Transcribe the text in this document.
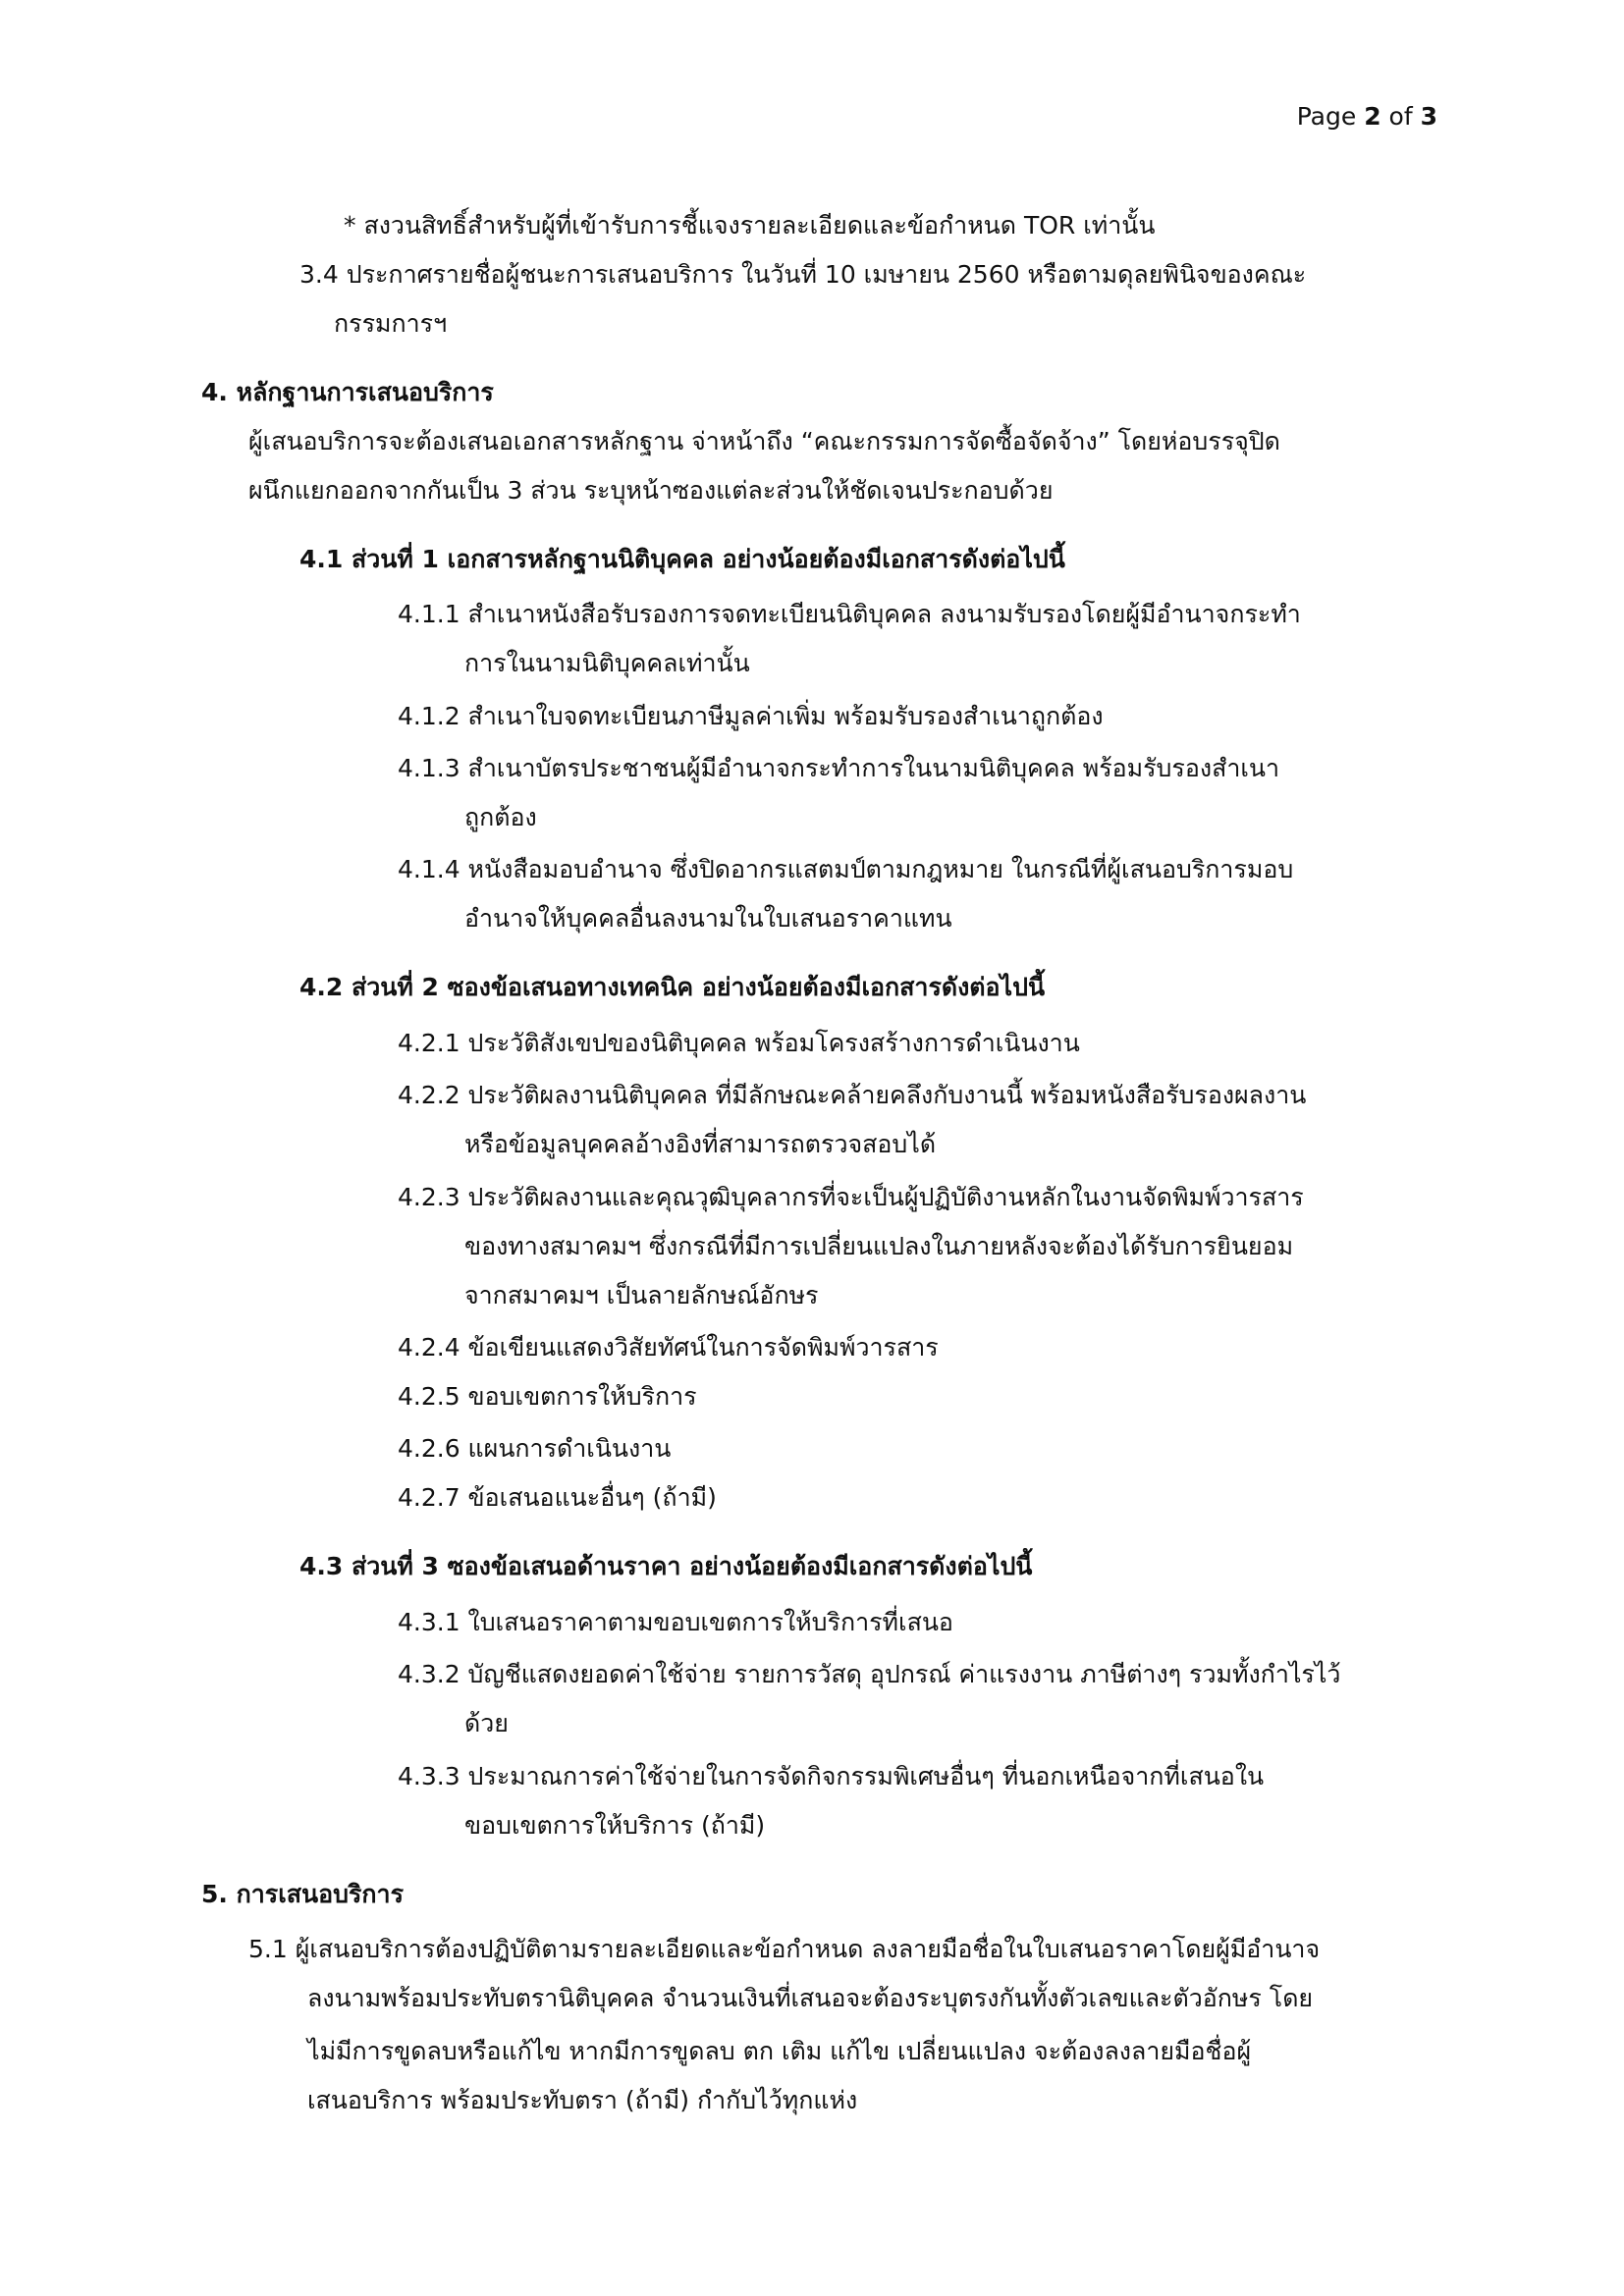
Page 2 of 3
* สงวนสิทธิ์สำหรับผู้ที่เข้ารับการชี้แจงรายละเอียดและข้อกำหนด TOR เท่านั้น
3.4 ประกาศรายชื่อผู้ชนะการเสนอบริการ ในวันที่ 10 เมษายน 2560 หรือตามดุลยพินิจของคณะ
กรรมการฯ
4. หลักฐานการเสนอบริการ
ผู้เสนอบริการจะต้องเสนอเอกสารหลักฐาน จ่าหน้าถึง “คณะกรรมการจัดซื้อจัดจ้าง” โดยห่อบรรจุปิด
ผนึกแยกออกจากกันเป็น 3 ส่วน ระบุหน้าซองแต่ละส่วนให้ชัดเจนประกอบด้วย
4.1 ส่วนที่ 1 เอกสารหลักฐานนิติบุคคล อย่างน้อยต้องมีเอกสารดังต่อไปนี้
4.1.1 สำเนาหนังสือรับรองการจดทะเบียนนิติบุคคล ลงนามรับรองโดยผู้มีอำนาจกระทำ
การในนามนิติบุคคลเท่านั้น
4.1.2 สำเนาใบจดทะเบียนภาษีมูลค่าเพิ่ม พร้อมรับรองสำเนาถูกต้อง
4.1.3 สำเนาบัตรประชาชนผู้มีอำนาจกระทำการในนามนิติบุคคล พร้อมรับรองสำเนา
ถูกต้อง
4.1.4 หนังสือมอบอำนาจ ซึ่งปิดอากรแสตมป์ตามกฎหมาย ในกรณีที่ผู้เสนอบริการมอบ
อำนาจให้บุคคลอื่นลงนามในใบเสนอราคาแทน
4.2 ส่วนที่ 2 ซองข้อเสนอทางเทคนิค อย่างน้อยต้องมีเอกสารดังต่อไปนี้
4.2.1 ประวัติสังเขปของนิติบุคคล พร้อมโครงสร้างการดำเนินงาน
4.2.2 ประวัติผลงานนิติบุคคล ที่มีลักษณะคล้ายคลึงกับงานนี้ พร้อมหนังสือรับรองผลงาน
หรือข้อมูลบุคคลอ้างอิงที่สามารถตรวจสอบได้
4.2.3 ประวัติผลงานและคุณวุฒิบุคลากรที่จะเป็นผู้ปฏิบัติงานหลักในงานจัดพิมพ์วารสาร
ของทางสมาคมฯ ซึ่งกรณีที่มีการเปลี่ยนแปลงในภายหลังจะต้องได้รับการยินยอม
จากสมาคมฯ เป็นลายลักษณ์อักษร
4.2.4 ข้อเขียนแสดงวิสัยทัศน์ในการจัดพิมพ์วารสาร
4.2.5 ขอบเขตการให้บริการ
4.2.6 แผนการดำเนินงาน
4.2.7 ข้อเสนอแนะอื่นๆ (ถ้ามี)
4.3 ส่วนที่ 3 ซองข้อเสนอด้านราคา อย่างน้อยต้องมีเอกสารดังต่อไปนี้
4.3.1 ใบเสนอราคาตามขอบเขตการให้บริการที่เสนอ
4.3.2 บัญชีแสดงยอดค่าใช้จ่าย รายการวัสดุ อุปกรณ์ ค่าแรงงาน ภาษีต่างๆ รวมทั้งกำไรไว้
ด้วย
4.3.3 ประมาณการค่าใช้จ่ายในการจัดกิจกรรมพิเศษอื่นๆ ที่นอกเหนือจากที่เสนอใน
ขอบเขตการให้บริการ (ถ้ามี)
5. การเสนอบริการ
5.1 ผู้เสนอบริการต้องปฏิบัติตามรายละเอียดและข้อกำหนด ลงลายมือชื่อในใบเสนอราคาโดยผู้มีอำนาจ
ลงนามพร้อมประทับตรานิติบุคคล จำนวนเงินที่เสนอจะต้องระบุตรงกันทั้งตัวเลขและตัวอักษร โดย
ไม่มีการขูดลบหรือแก้ไข หากมีการขูดลบ ตก เติม แก้ไข เปลี่ยนแปลง จะต้องลงลายมือชื่อผู้
เสนอบริการ พร้อมประทับตรา (ถ้ามี) กำกับไว้ทุกแห่ง
